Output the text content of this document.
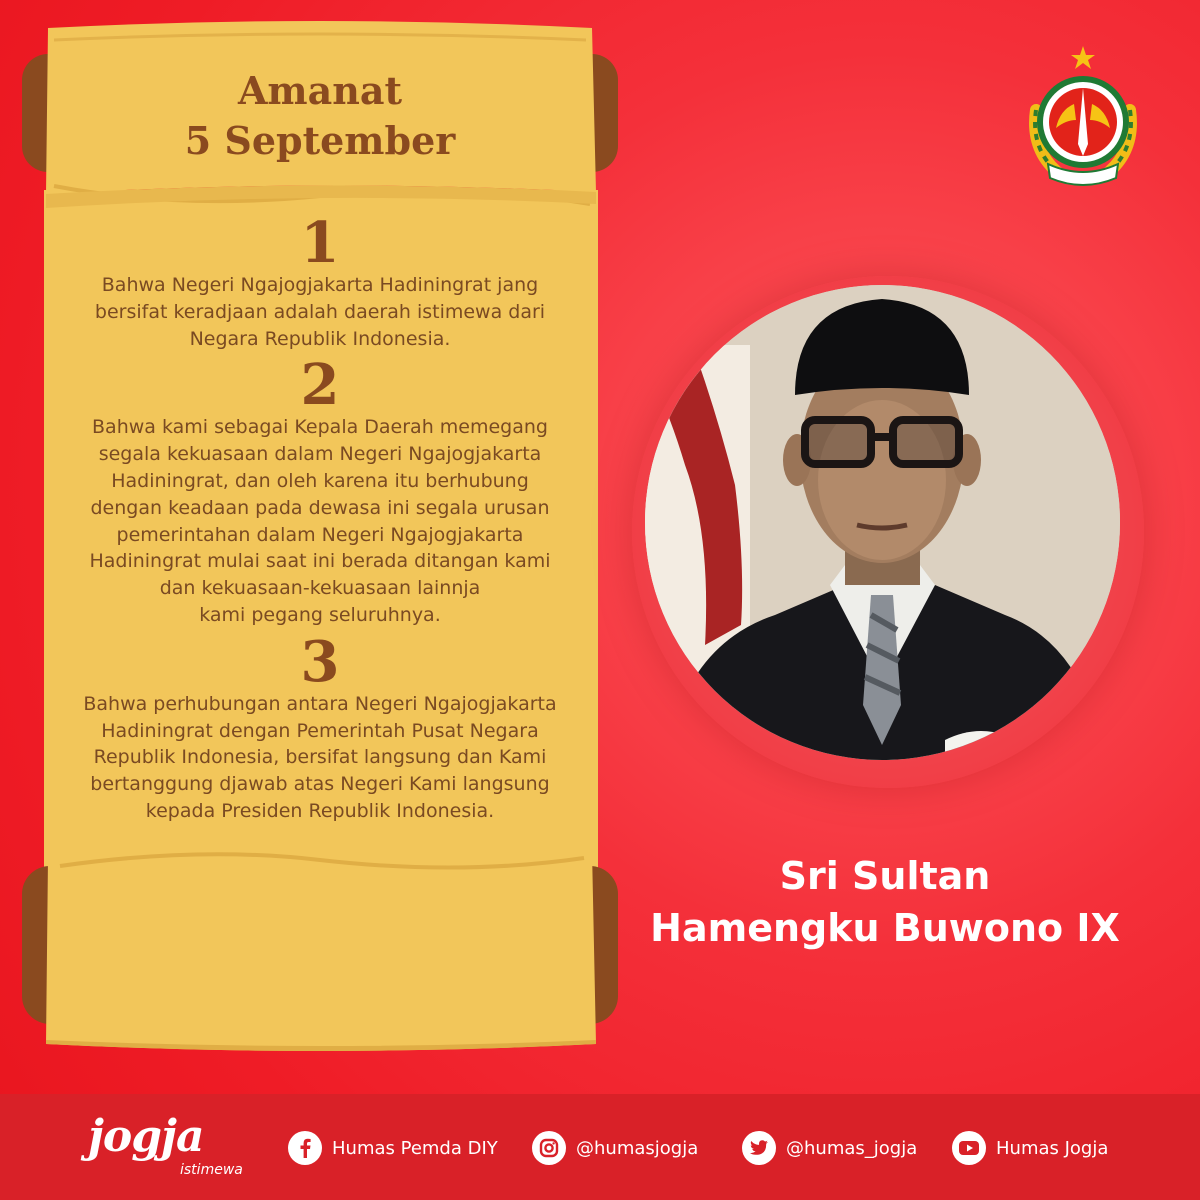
Amanat
5 September
1
Bahwa Negeri Ngajogjakarta Hadiningrat jang
bersifat keradjaan adalah daerah istimewa dari
Negara Republik Indonesia.
2
Bahwa kami sebagai Kepala Daerah memegang
segala kekuasaan dalam Negeri Ngajogjakarta
Hadiningrat, dan oleh karena itu berhubung
dengan keadaan pada dewasa ini segala urusan
pemerintahan dalam Negeri Ngajogjakarta
Hadiningrat mulai saat ini berada ditangan kami
dan kekuasaan-kekuasaan lainnja
kami pegang seluruhnya.
3
Bahwa perhubungan antara Negeri Ngajogjakarta
Hadiningrat dengan Pemerintah Pusat Negara
Republik Indonesia, bersifat langsung dan Kami
bertanggung djawab atas Negeri Kami langsung
kepada Presiden Republik Indonesia.
Sri Sultan
Hamengku Buwono IX
jogja
istimewa
Humas Pemda DIY	@humasjogja	@humas_jogja	Humas Jogja
